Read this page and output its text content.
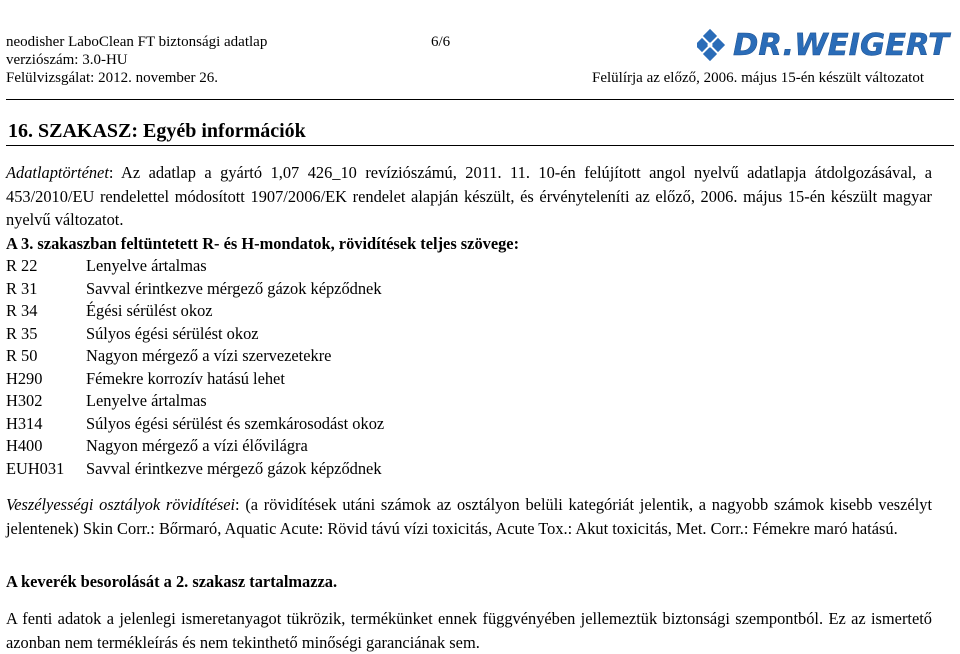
neodisher LaboClean FT biztonsági adatlap
verziószám: 3.0-HU
Felülvizsgálat: 2012. november 26.
6/6
Felülírja az előző, 2006. május 15-én készült változatot
DR.WEIGERT
16. SZAKASZ: Egyéb információk
Adatlaptörténet: Az adatlap a gyártó 1,07 426_10 revíziószámú, 2011. 11. 10-én felújított angol nyelvű adatlapja átdolgozásával, a 453/2010/EU rendelettel módosított 1907/2006/EK rendelet alapján készült, és érvényteleníti az előző, 2006. május 15-én készült magyar nyelvű változatot.
A 3. szakaszban feltüntetett R- és H-mondatok, rövidítések teljes szövege:
R 22	Lenyelve ártalmas
R 31	Savval érintkezve mérgező gázok képződnek
R 34	Égési sérülést okoz
R 35	Súlyos égési sérülést okoz
R 50	Nagyon mérgező a vízi szervezetekre
H290	Fémekre korrozív hatású lehet
H302	Lenyelve ártalmas
H314	Súlyos égési sérülést és szemkárosodást okoz
H400	Nagyon mérgező a vízi élővilágra
EUH031	Savval érintkezve mérgező gázok képződnek
Veszélyességi osztályok rövidítései: (a rövidítések utáni számok az osztályon belüli kategóriát jelentik, a nagyobb számok kisebb veszélyt jelentenek) Skin Corr.: Bőrmaró, Aquatic Acute: Rövid távú vízi toxicitás, Acute Tox.: Akut toxicitás, Met. Corr.: Fémekre maró hatású.
A keverék besorolását a 2. szakasz tartalmazza.
A fenti adatok a jelenlegi ismeretanyagot tükrözik, termékünket ennek függvényében jellemeztük biztonsági szempontból. Ez az ismertető azonban nem termékleírás és nem tekinthető minőségi garanciának sem.
